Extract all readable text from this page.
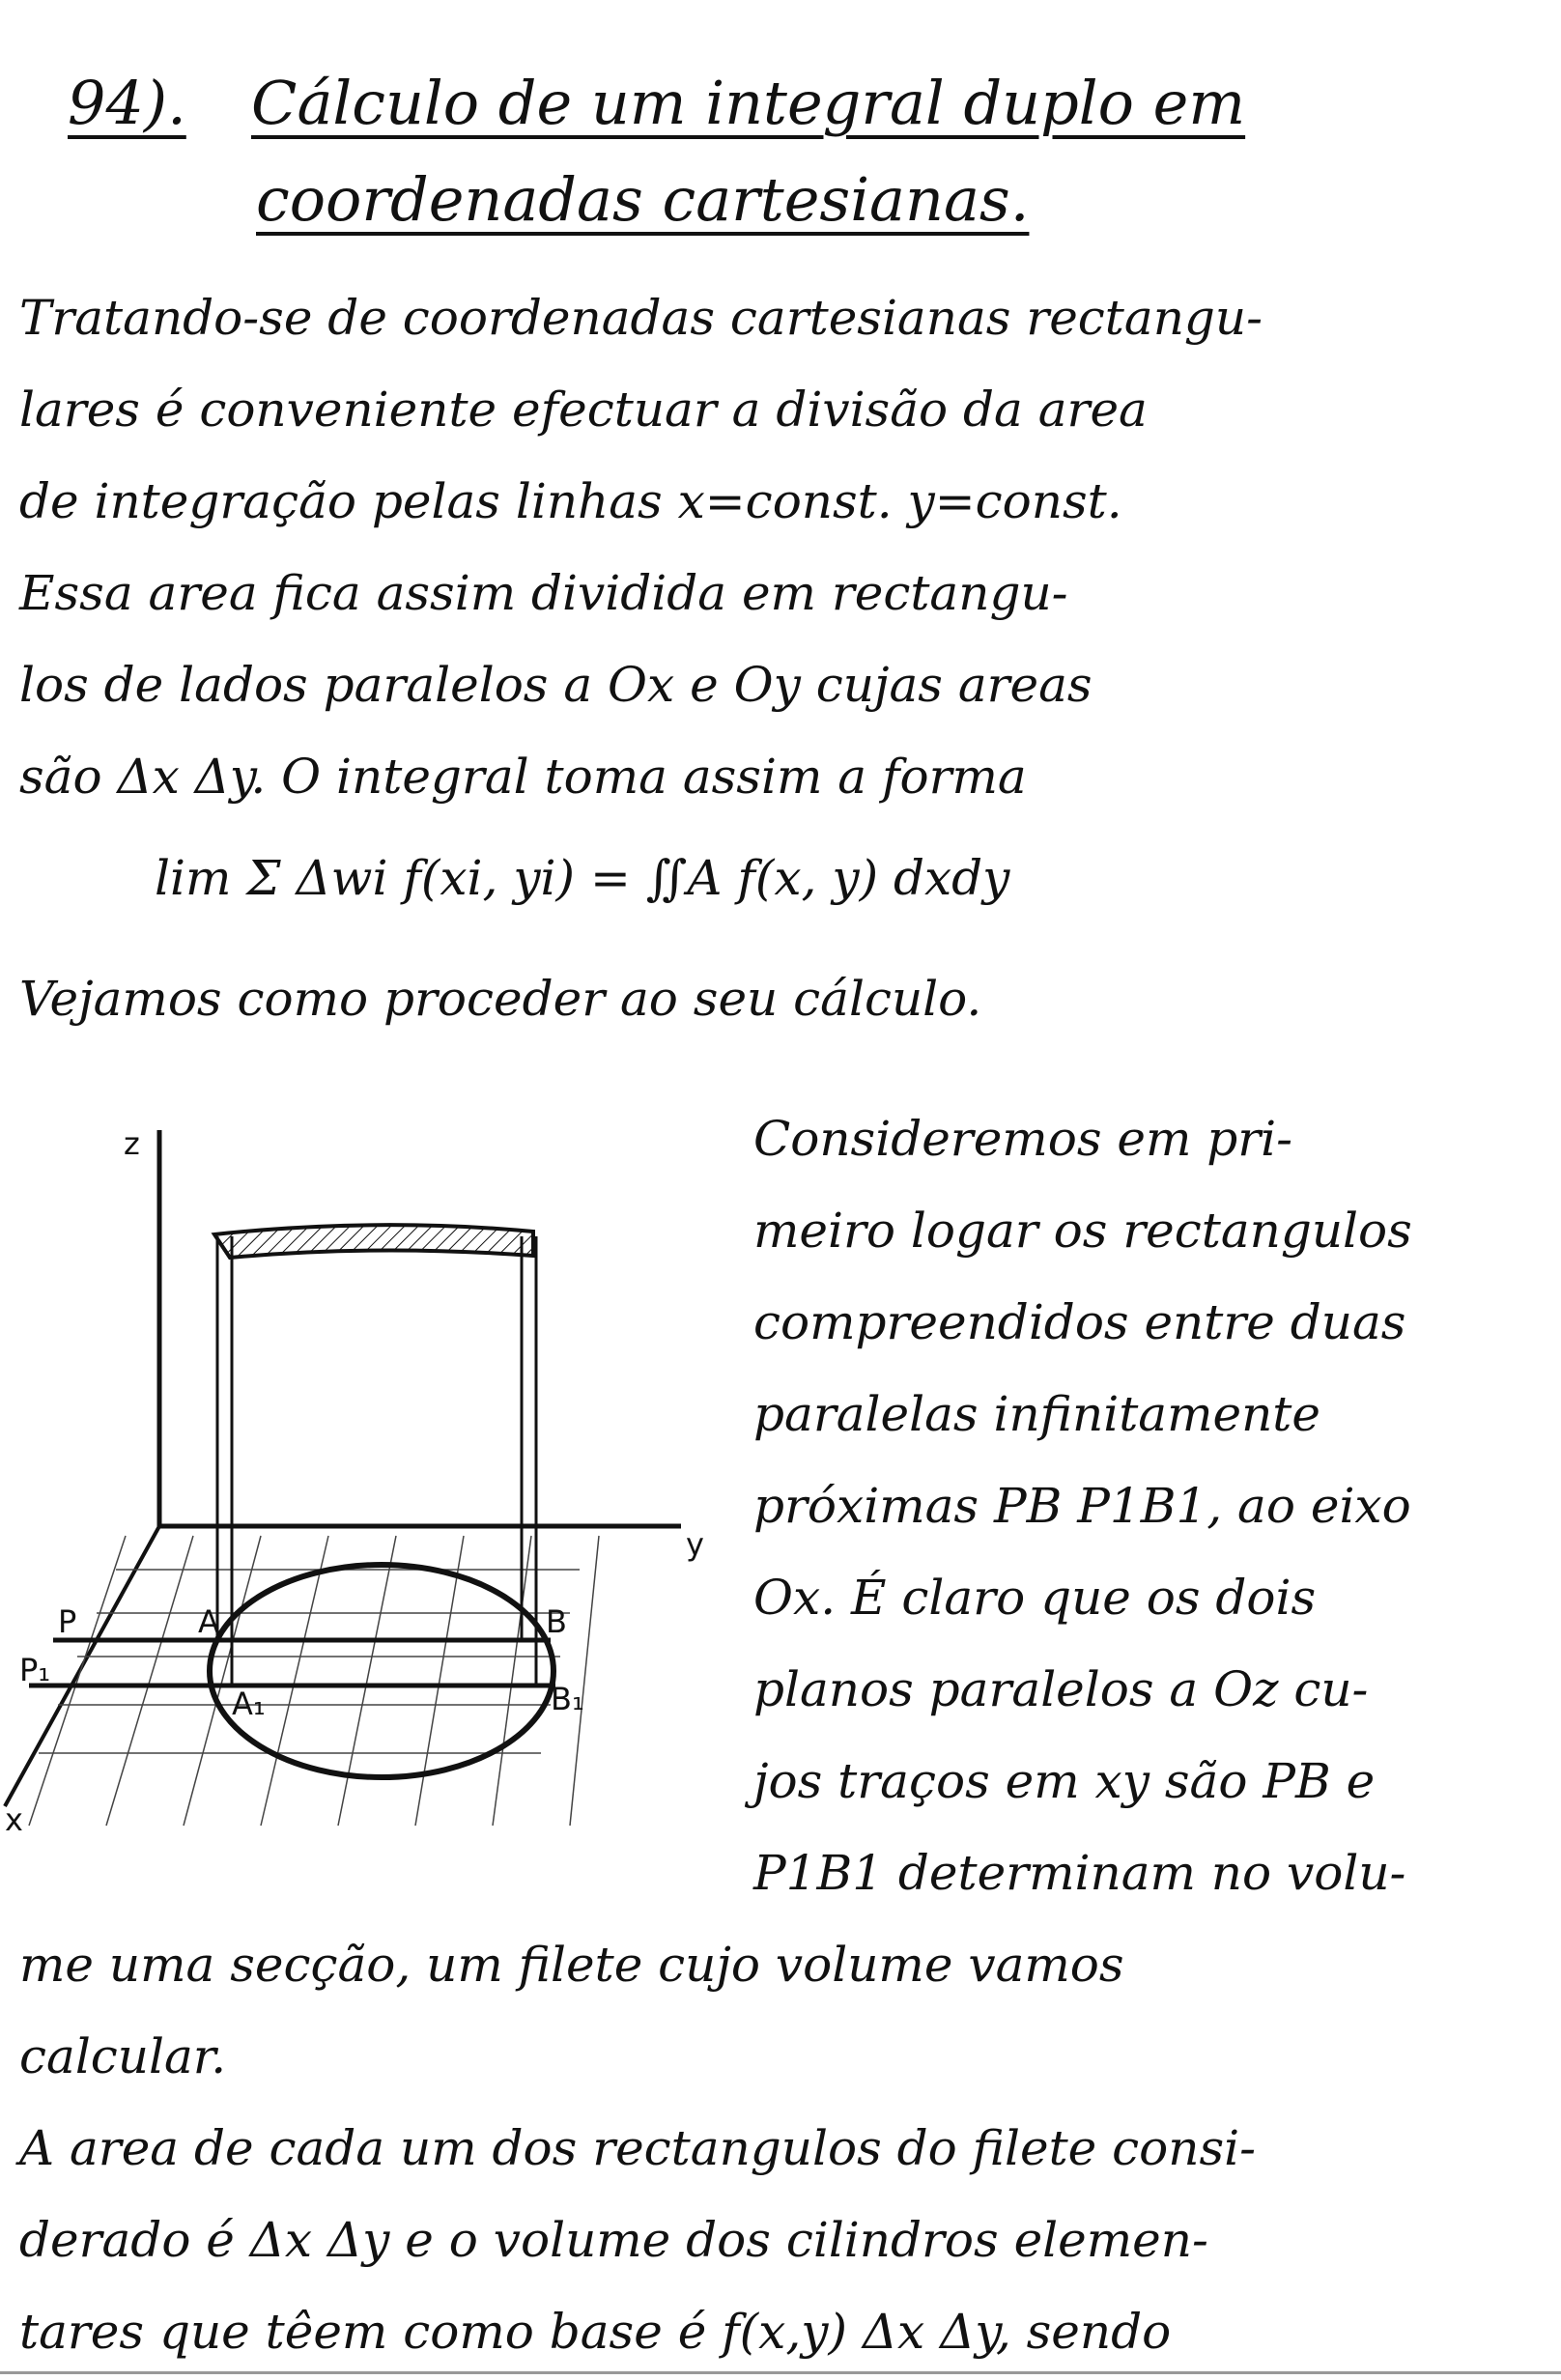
94). Cálculo de um integral duplo em
coordenadas cartesianas.
Tratando-se de coordenadas cartesianas rectangu-
lares é conveniente efectuar a divisão da area
de integração pelas linhas x=const. y=const.
Essa area fica assim dividida em rectangu-
los de lados paralelos a Ox e Oy cujas areas
são Δx Δy. O integral toma assim a forma
lim Σ Δwi f(xi, yi) = ∬A f(x, y) dxdy
Vejamos como proceder ao seu cálculo.
z
y
x
P
P₁
A
A₁
B
B₁
Consideremos em pri-
meiro logar os rectangulos
compreendidos entre duas
paralelas infinitamente
próximas PB P1B1, ao eixo
Ox. É claro que os dois
planos paralelos a Oz cu-
jos traços em xy são PB e
P1B1 determinam no volu-
me uma secção, um filete cujo volume vamos
calcular.
A area de cada um dos rectangulos do filete consi-
derado é Δx Δy e o volume dos cilindros elemen-
tares que têem como base é f(x,y) Δx Δy, sendo
